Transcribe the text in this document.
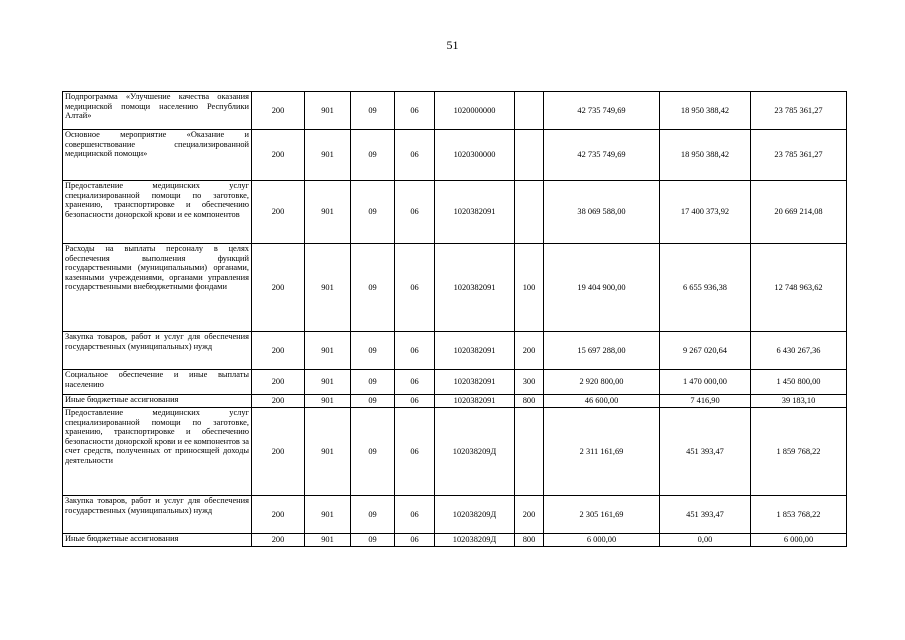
51
Подпрограмма «Улучшение качества оказания медицинской помощи населению Республики Алтай»	200	901	09	06	1020000000		42 735 749,69	18 950 388,42	23 785 361,27
Основное мероприятие «Оказание и совершенствование специализированной медицинской помощи»	200	901	09	06	1020300000		42 735 749,69	18 950 388,42	23 785 361,27
Предоставление медицинских услуг специализированной помощи по заготовке, хранению, транспортировке и обеспечению безопасности донорской крови и ее компонентов	200	901	09	06	1020382091		38 069 588,00	17 400 373,92	20 669 214,08
Расходы на выплаты персоналу в целях обеспечения выполнения функций государственными (муниципальными) органами, казенными учреждениями, органами управления государственными внебюджетными фондами	200	901	09	06	1020382091	100	19 404 900,00	6 655 936,38	12 748 963,62
Закупка товаров, работ и услуг для обеспечения государственных (муниципальных) нужд	200	901	09	06	1020382091	200	15 697 288,00	9 267 020,64	6 430 267,36
Социальное обеспечение и иные выплаты населению	200	901	09	06	1020382091	300	2 920 800,00	1 470 000,00	1 450 800,00
Иные бюджетные ассигнования	200	901	09	06	1020382091	800	46 600,00	7 416,90	39 183,10
Предоставление медицинских услуг специализированной помощи по заготовке, хранению, транспортировке и обеспечению безопасности донорской крови и ее компонентов за счет средств, полученных от приносящей доходы деятельности	200	901	09	06	102038209Д		2 311 161,69	451 393,47	1 859 768,22
Закупка товаров, работ и услуг для обеспечения государственных (муниципальных) нужд	200	901	09	06	102038209Д	200	2 305 161,69	451 393,47	1 853 768,22
Иные бюджетные ассигнования	200	901	09	06	102038209Д	800	6 000,00	0,00	6 000,00
